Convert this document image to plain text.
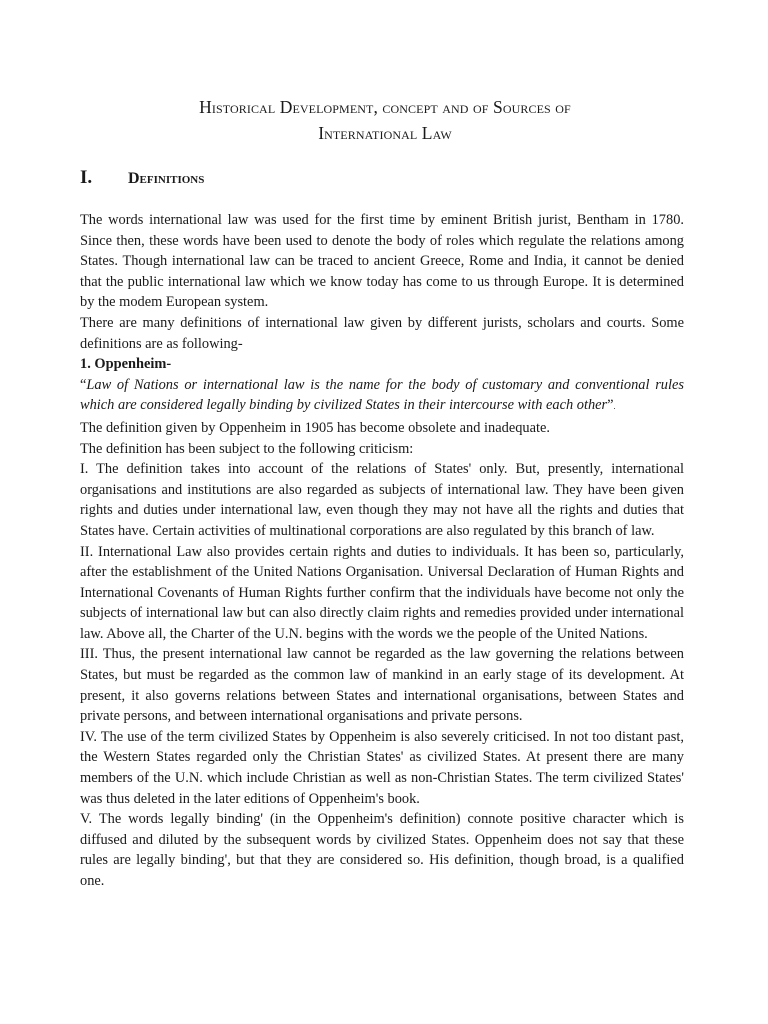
Historical Development, concept and of Sources of
International Law
I. Definitions

The words international law was used for the first time by eminent British jurist, Bentham in 1780. Since then, these words have been used to denote the body of roles which regulate the relations among States. Though international law can be traced to ancient Greece, Rome and India, it cannot be denied that the public international law which we know today has come to us through Europe. It is determined by the modem European system.

There are many definitions of international law given by different jurists, scholars and courts. Some definitions are as following-

1. Oppenheim-

“Law of Nations or international law is the name for the body of customary and conventional rules which are considered legally binding by civilized States in their intercourse with each other”.

The definition given by Oppenheim in 1905 has become obsolete and inadequate.

The definition has been subject to the following criticism:

I. The definition takes into account of the relations of States' only. But, presently, international organisations and institutions are also regarded as subjects of international law. They have been given rights and duties under international law, even though they may not have all the rights and duties that States have. Certain activities of multinational corporations are also regulated by this branch of law.

II. International Law also provides certain rights and duties to individuals. It has been so, particularly, after the establishment of the United Nations Organisation. Universal Declaration of Human Rights and International Covenants of Human Rights further confirm that the individuals have become not only the subjects of international law but can also directly claim rights and remedies provided under international law. Above all, the Charter of the U.N. begins with the words we the people of the United Nations.

III. Thus, the present international law cannot be regarded as the law governing the relations between States, but must be regarded as the common law of mankind in an early stage of its development. At present, it also governs relations between States and international organisations, between States and private persons, and between international organisations and private persons.

IV. The use of the term civilized States by Oppenheim is also severely criticised. In not too distant past, the Western States regarded only the Christian States' as civilized States. At present there are many members of the U.N. which include Christian as well as non-Christian States. The term civilized States' was thus deleted in the later editions of Oppenheim's book.

V. The words legally binding' (in the Oppenheim's definition) connote positive character which is diffused and diluted by the subsequent words by civilized States. Oppenheim does not say that these rules are legally binding', but that they are considered so. His definition, though broad, is a qualified one.
